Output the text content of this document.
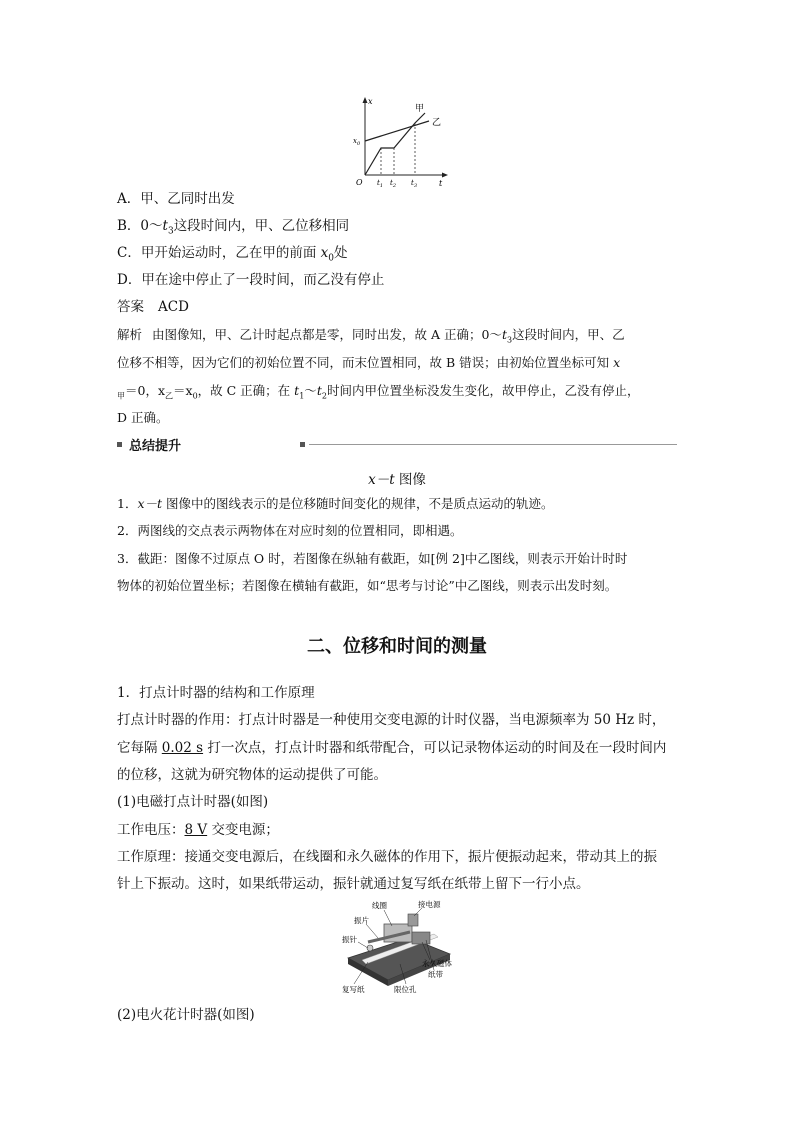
x
t
O
$x_0$
$t_1$ $t_2$ $t_3$
甲
乙
A．甲、乙同时出发
B．$0\sim t_3$这段时间内，甲、乙位移相同
C．甲开始运动时，乙在甲的前面 $x_0$处
D．甲在途中停止了一段时间，而乙没有停止
答案 ACD
解析 由图像知，甲、乙计时起点都是零，同时出发，故 A 正确；$0\sim t_3$这段时间内，甲、乙
位移不相等，因为它们的初始位置不同，而末位置相同，故 B 错误；由初始位置坐标可知 x
$_甲$＝0，$x_乙=x_0$，故 C 正确；在 $t_1\sim t_2$时间内甲位置坐标没发生变化，故甲停止，乙没有停止，
D 正确。
总结提升
x－t 图像
1．x－t 图像中的图线表示的是位移随时间变化的规律，不是质点运动的轨迹。
2．两图线的交点表示两物体在对应时刻的位置相同，即相遇。
3．截距：图像不过原点 O 时，若图像在纵轴有截距，如[例 2]中乙图线，则表示开始计时时
物体的初始位置坐标；若图像在横轴有截距，如“思考与讨论”中乙图线，则表示出发时刻。
二、位移和时间的测量
1．打点计时器的结构和工作原理
打点计时器的作用：打点计时器是一种使用交变电源的计时仪器，当电源频率为 50 Hz 时，
它每隔 0.02 s 打一次点，打点计时器和纸带配合，可以记录物体运动的时间及在一段时间内
的位移，这就为研究物体的运动提供了可能。
(1)电磁打点计时器(如图)
工作电压：8 V 交变电源；
工作原理：接通交变电源后，在线圈和永久磁体的作用下，振片便振动起来，带动其上的振
针上下振动。这时，如果纸带运动，振针就通过复写纸在纸带上留下一行小点。
线圈	接电源
振片
振针
永久磁体
纸带
复写纸	限位孔
(2)电火花计时器(如图)
